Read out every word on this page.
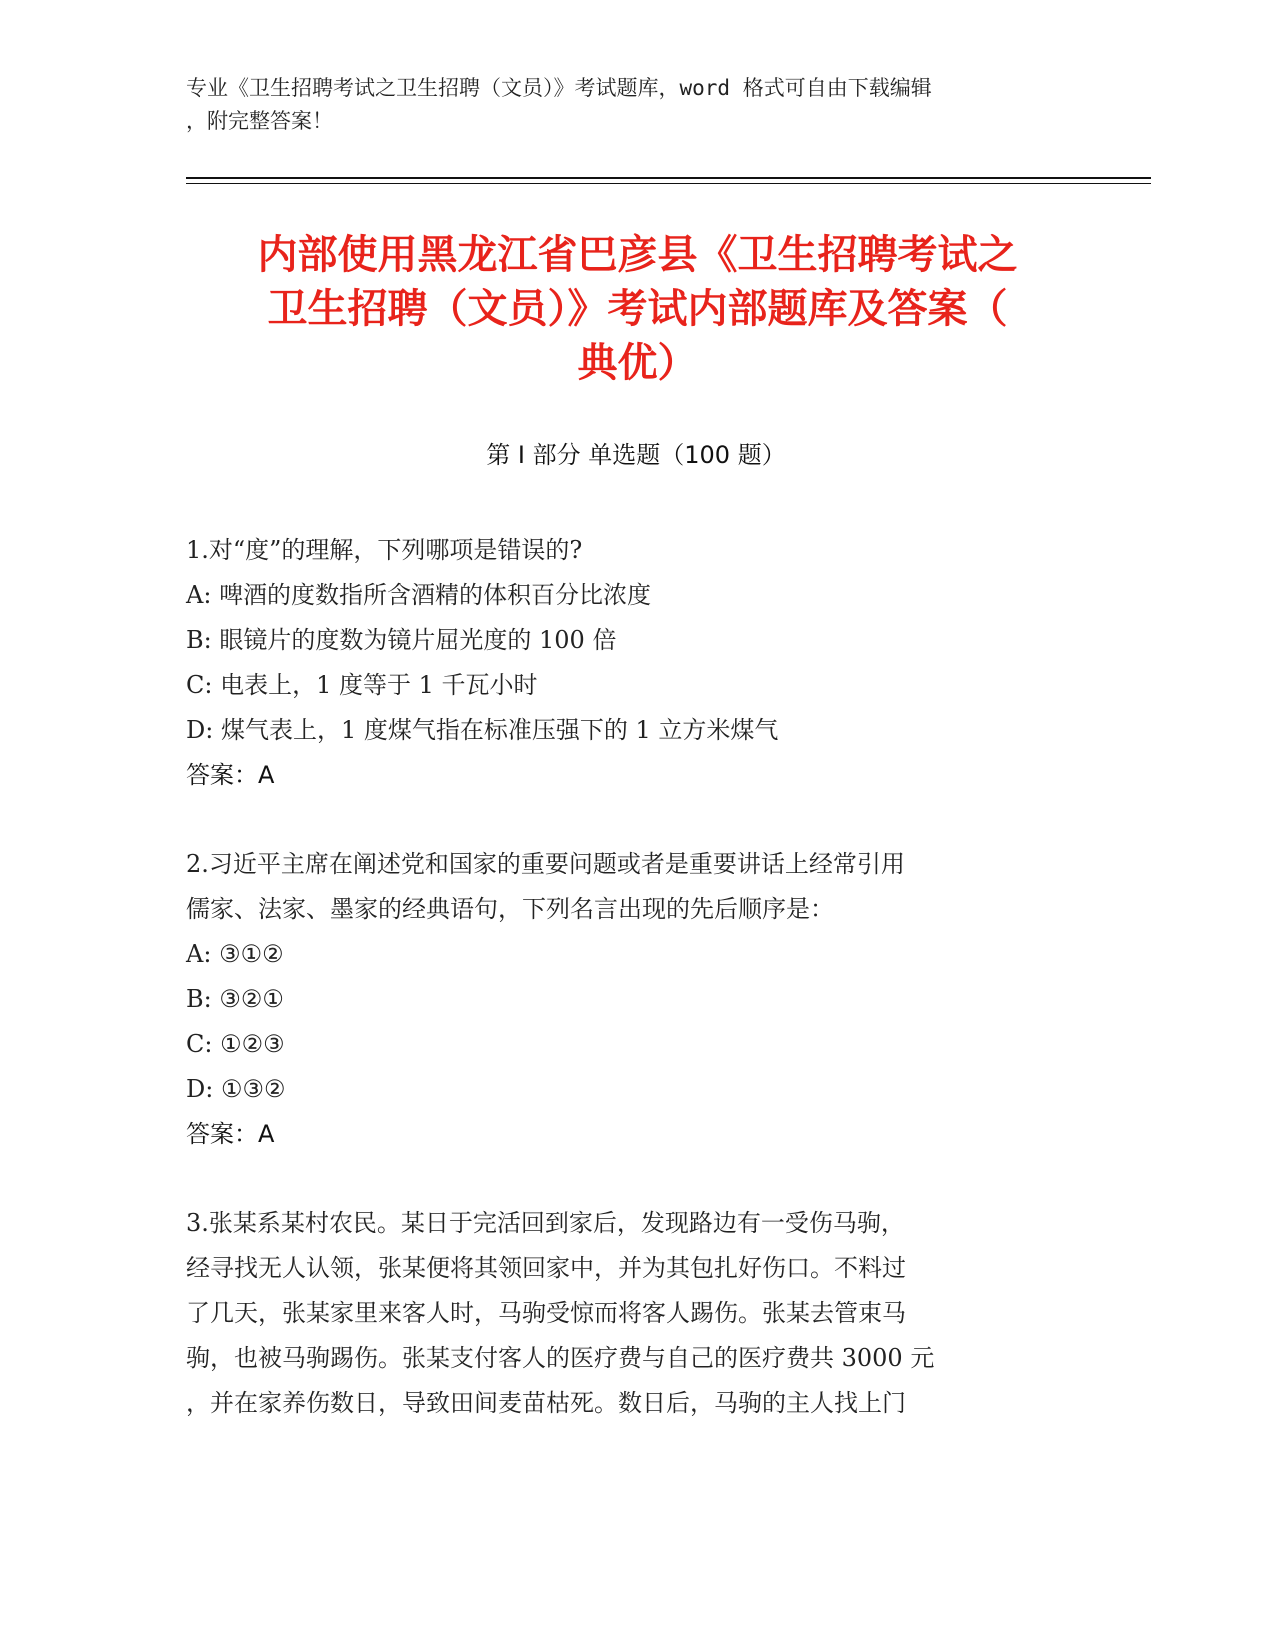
专业《卫生招聘考试之卫生招聘（文员）》考试题库，word 格式可自由下载编辑
，附完整答案！
内部使用黑龙江省巴彦县《卫生招聘考试之
卫生招聘（文员）》考试内部题库及答案（
典优）
第 I 部分 单选题（100 题）
1.对“度”的理解，下列哪项是错误的?
A: 啤酒的度数指所含酒精的体积百分比浓度
B: 眼镜片的度数为镜片屈光度的 100 倍
C: 电表上，1 度等于 1 千瓦小时
D: 煤气表上，1 度煤气指在标准压强下的 1 立方米煤气
答案：A
2.习近平主席在阐述党和国家的重要问题或者是重要讲话上经常引用
儒家、法家、墨家的经典语句，下列名言出现的先后顺序是：
A: ③①②
B: ③②①
C: ①②③
D: ①③②
答案：A
3.张某系某村农民。某日于完活回到家后，发现路边有一受伤马驹，
经寻找无人认领，张某便将其领回家中，并为其包扎好伤口。不料过
了几天，张某家里来客人时，马驹受惊而将客人踢伤。张某去管束马
驹，也被马驹踢伤。张某支付客人的医疗费与自己的医疗费共 3000 元
，并在家养伤数日，导致田间麦苗枯死。数日后，马驹的主人找上门
